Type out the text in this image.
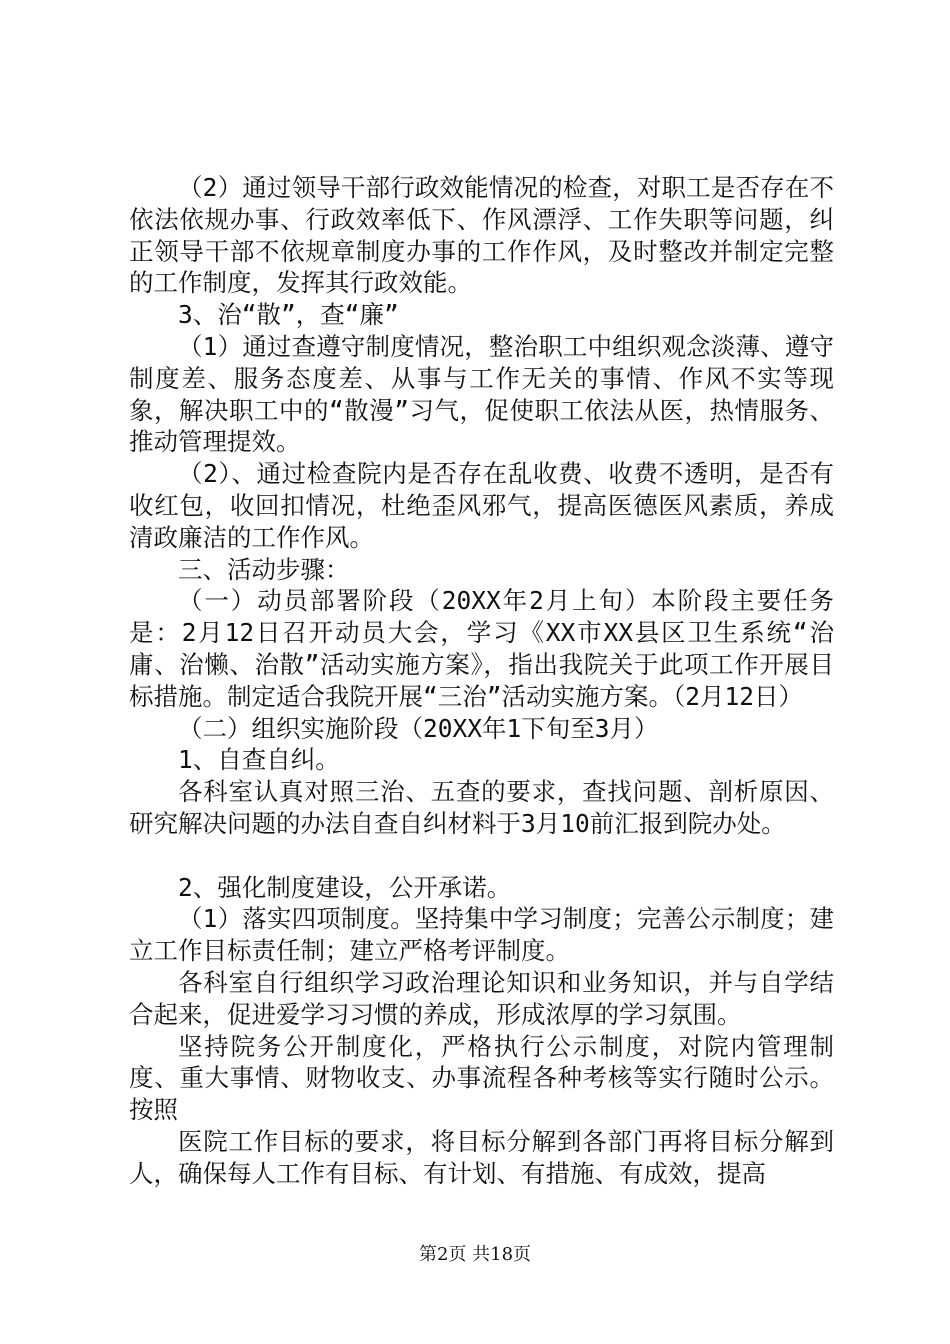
（2）通过领导干部行政效能情况的检查，对职工是否存在不依法依规办事、行政效率低下、作风漂浮、工作失职等问题，纠正领导干部不依规章制度办事的工作作风，及时整改并制定完整的工作制度，发挥其行政效能。

3、治“散”，查“廉”

（1）通过查遵守制度情况，整治职工中组织观念淡薄、遵守制度差、服务态度差、从事与工作无关的事情、作风不实等现象，解决职工中的“散漫”习气，促使职工依法从医，热情服务、推动管理提效。

（2）、通过检查院内是否存在乱收费、收费不透明，是否有收红包，收回扣情况，杜绝歪风邪气，提高医德医风素质，养成清政廉洁的工作作风。

三、活动步骤：

（一）动员部署阶段（20XX年2月上旬）本阶段主要任务是：2月12日召开动员大会，学习《XX市XX县区卫生系统“治庸、治懒、治散”活动实施方案》，指出我院关于此项工作开展目标措施。制定适合我院开展“三治”活动实施方案。（2月12日）

（二）组织实施阶段（20XX年1下旬至3月）

1、自查自纠。

各科室认真对照三治、五查的要求，查找问题、剖析原因、研究解决问题的办法自查自纠材料于3月10前汇报到院办处。

2、强化制度建设，公开承诺。

（1）落实四项制度。坚持集中学习制度；完善公示制度；建立工作目标责任制；建立严格考评制度。

各科室自行组织学习政治理论知识和业务知识，并与自学结合起来，促进爱学习习惯的养成，形成浓厚的学习氛围。

坚持院务公开制度化，严格执行公示制度，对院内管理制度、重大事情、财物收支、办事流程各种考核等实行随时公示。按照

医院工作目标的要求，将目标分解到各部门再将目标分解到人，确保每人工作有目标、有计划、有措施、有成效，提高

第2页 共18页
